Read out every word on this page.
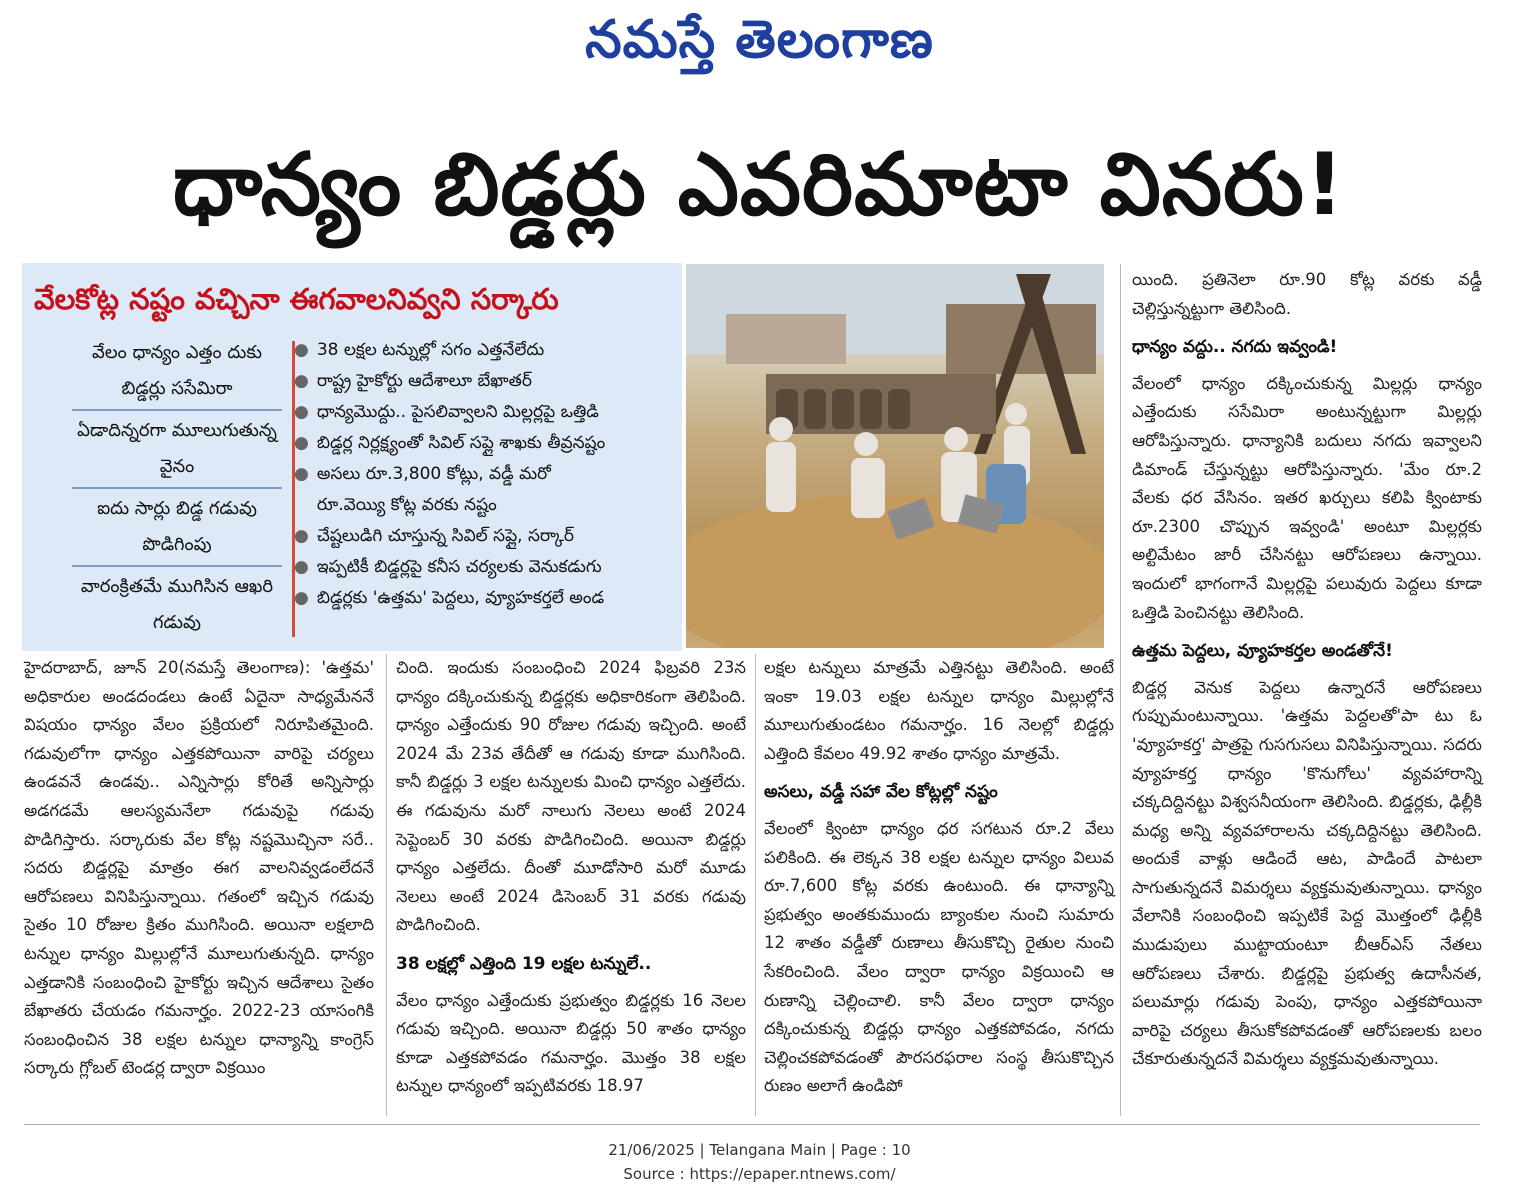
నమస్తే తెలంగాణ
ధాన్యం బిడ్డర్లు ఎవరిమాటా వినరు!
వేలకోట్ల నష్టం వచ్చినా ఈగవాలనివ్వని సర్కారు
వేలం ధాన్యం ఎత్తం దుకు బిడ్డర్లు ససేమిరా
ఏడాదిన్నరగా మూలుగుతున్న వైనం
ఐదు సార్లు బిడ్డ గడువు పొడిగింపు
వారంక్రితమే ముగిసిన ఆఖరి గడువు
● 38 లక్షల టన్నుల్లో సగం ఎత్తనేలేదు
● రాష్ట్ర హైకోర్టు ఆదేశాలూ బేఖాతర్
● ధాన్యమొద్దు.. పైసలివ్వాలని మిల్లర్లపై ఒత్తిడి
● బిడ్డర్ల నిర్లక్ష్యంతో సివిల్ సప్లై శాఖకు తీవ్రనష్టం
● అసలు రూ.3,800 కోట్లు, వడ్డీ మరో
రూ.వెయ్యి కోట్ల వరకు నష్టం
● చేష్టలుడిగి చూస్తున్న సివిల్ సప్లై, సర్కార్
● ఇప్పటికీ బిడ్డర్లపై కనీస చర్యలకు వెనుకడుగు
● బిడ్డర్లకు 'ఉత్తమ' పెద్దలు, వ్యూహకర్తలే అండ

హైదరాబాద్, జూన్ 20(నమస్తే తెలంగాణ): 'ఉత్తమ' అధికారుల అండదండలు ఉంటే ఏదైనా సాధ్యమేననే విషయం ధాన్యం వేలం ప్రక్రియలో నిరూపితమైంది. గడువులోగా ధాన్యం ఎత్తకపోయినా వారిపై చర్యలు ఉండవనే ఉండవు.. ఎన్నిసార్లు కోరితే అన్నిసార్లు అడగడమే ఆలస్యమనేలా గడువుపై గడువు పొడిగిస్తారు. సర్కారుకు వేల కోట్ల నష్టమొచ్చినా సరే.. సదరు బిడ్డర్లపై మాత్రం ఈగ వాలనివ్వడంలేదనే ఆరోపణలు వినిపిస్తున్నాయి. గతంలో ఇచ్చిన గడువు సైతం 10 రోజుల క్రితం ముగిసింది. అయినా లక్షలాది టన్నుల ధాన్యం మిల్లుల్లోనే మూలుగుతున్నది. ధాన్యం ఎత్తడానికి సంబంధించి హైకోర్టు ఇచ్చిన ఆదేశాలు సైతం బేఖాతరు చేయడం గమనార్హం. 2022-23 యాసంగికి సంబంధించిన 38 లక్షల టన్నుల ధాన్యాన్ని కాంగ్రెస్ సర్కారు గ్లోబల్ టెండర్ల ద్వారా విక్రయిం

చింది. ఇందుకు సంబంధించి 2024 ఫిబ్రవరి 23న ధాన్యం దక్కించుకున్న బిడ్డర్లకు అధికారికంగా తెలిపింది. ధాన్యం ఎత్తేందుకు 90 రోజుల గడువు ఇచ్చింది. అంటే 2024 మే 23వ తేదీతో ఆ గడువు కూడా ముగిసింది. కానీ బిడ్డర్లు 3 లక్షల టన్నులకు మించి ధాన్యం ఎత్తలేదు. ఈ గడువును మరో నాలుగు నెలలు అంటే 2024 సెప్టెంబర్ 30 వరకు పొడిగించింది. అయినా బిడ్డర్లు ధాన్యం ఎత్తలేదు. దీంతో మూడోసారి మరో మూడు నెలలు అంటే 2024 డిసెంబర్ 31 వరకు గడువు పొడిగించింది.

38 లక్షల్లో ఎత్తింది 19 లక్షల టన్నులే..

వేలం ధాన్యం ఎత్తేందుకు ప్రభుత్వం బిడ్డర్లకు 16 నెలల గడువు ఇచ్చింది. అయినా బిడ్డర్లు 50 శాతం ధాన్యం కూడా ఎత్తకపోవడం గమనార్హం. మొత్తం 38 లక్షల టన్నుల ధాన్యంలో ఇప్పటివరకు 18.97

లక్షల టన్నులు మాత్రమే ఎత్తినట్టు తెలిసింది. అంటే ఇంకా 19.03 లక్షల టన్నుల ధాన్యం మిల్లుల్లోనే మూలుగుతుండటం గమనార్హం. 16 నెలల్లో బిడ్డర్లు ఎత్తింది కేవలం 49.92 శాతం ధాన్యం మాత్రమే.

అసలు, వడ్డీ సహా వేల కోట్లల్లో నష్టం

వేలంలో క్వింటా ధాన్యం ధర సగటున రూ.2 వేలు పలికింది. ఈ లెక్కన 38 లక్షల టన్నుల ధాన్యం విలువ రూ.7,600 కోట్ల వరకు ఉంటుంది. ఈ ధాన్యాన్ని ప్రభుత్వం అంతకుముందు బ్యాంకుల నుంచి సుమారు 12 శాతం వడ్డీతో రుణాలు తీసుకొచ్చి రైతుల నుంచి సేకరించింది. వేలం ద్వారా ధాన్యం విక్రయించి ఆ రుణాన్ని చెల్లించాలి. కానీ వేలం ద్వారా ధాన్యం దక్కించుకున్న బిడ్డర్లు ధాన్యం ఎత్తకపోవడం, నగదు చెల్లించకపోవడంతో పౌరసరఫరాల సంస్థ తీసుకొచ్చిన రుణం అలాగే ఉండిపో

యింది. ప్రతినెలా రూ.90 కోట్ల వరకు వడ్డీ చెల్లిస్తున్నట్టుగా తెలిసింది.

ధాన్యం వద్దు.. నగదు ఇవ్వండి!

వేలంలో ధాన్యం దక్కించుకున్న మిల్లర్లు ధాన్యం ఎత్తేందుకు ససేమిరా అంటున్నట్టుగా మిల్లర్లు ఆరోపిస్తున్నారు. ధాన్యానికి బదులు నగదు ఇవ్వాలని డిమాండ్ చేస్తున్నట్టు ఆరోపిస్తున్నారు. 'మేం రూ.2 వేలకు ధర వేసినం. ఇతర ఖర్చులు కలిపి క్వింటాకు రూ.2300 చొప్పున ఇవ్వండి' అంటూ మిల్లర్లకు అల్టిమేటం జారీ చేసినట్టు ఆరోపణలు ఉన్నాయి. ఇందులో భాగంగానే మిల్లర్లపై పలువురు పెద్దలు కూడా ఒత్తిడి పెంచినట్టు తెలిసింది.

ఉత్తమ పెద్దలు, వ్యూహకర్తల అండతోనే!

బిడ్డర్ల వెనుక పెద్దలు ఉన్నారనే ఆరోపణలు గుప్పుమంటున్నాయి. 'ఉత్తమ పెద్దలతో'పా టు ఓ 'వ్యూహకర్త' పాత్రపై గుసగుసలు వినిపిస్తున్నాయి. సదరు వ్యూహకర్త ధాన్యం 'కొనుగోలు' వ్యవహారాన్ని చక్కదిద్దినట్టు విశ్వసనీయంగా తెలిసింది. బిడ్డర్లకు, ఢిల్లీకి మధ్య అన్ని వ్యవహారాలను చక్కదిద్దినట్టు తెలిసింది. అందుకే వాళ్లు ఆడిందే ఆట, పాడిందే పాటలా సాగుతున్నదనే విమర్శలు వ్యక్తమవుతున్నాయి. ధాన్యం వేలానికి సంబంధించి ఇప్పటికే పెద్ద మొత్తంలో ఢిల్లీకి ముడుపులు ముట్టాయంటూ బీఆర్ఎస్ నేతలు ఆరోపణలు చేశారు. బిడ్డర్లపై ప్రభుత్వ ఉదాసీనత, పలుమార్లు గడువు పెంపు, ధాన్యం ఎత్తకపోయినా వారిపై చర్యలు తీసుకోకపోవడంతో ఆరోపణలకు బలం చేకూరుతున్నదనే విమర్శలు వ్యక్తమవుతున్నాయి.

21/06/2025 | Telangana Main | Page : 10
Source : https://epaper.ntnews.com/
